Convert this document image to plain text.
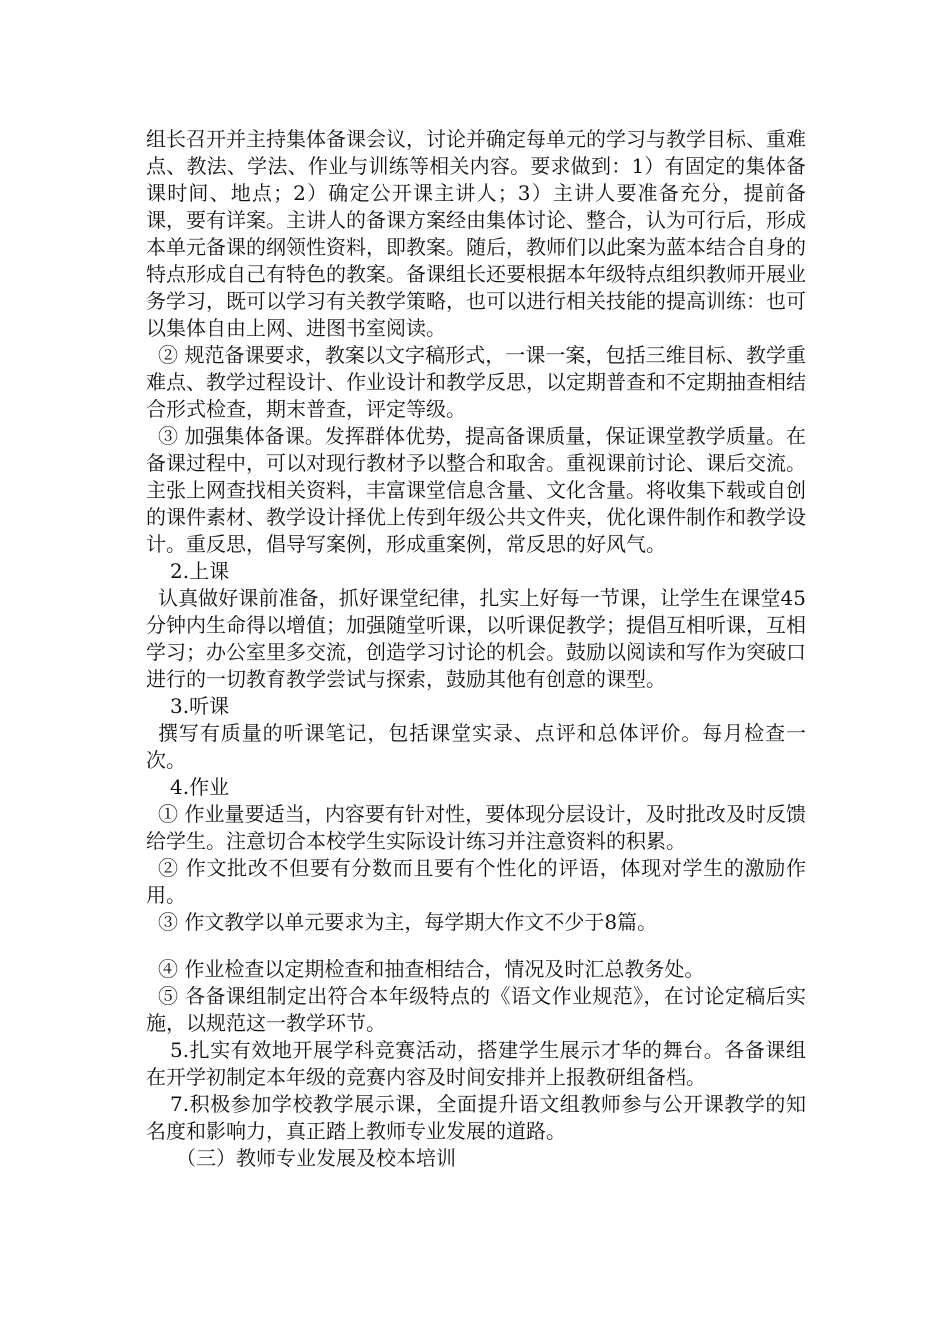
组长召开并主持集体备课会议，讨论并确定每单元的学习与教学目标、重难点、教法、学法、作业与训练等相关内容。要求做到：1）有固定的集体备课时间、地点；2）确定公开课主讲人；3）主讲人要准备充分，提前备课，要有详案。主讲人的备课方案经由集体讨论、整合，认为可行后，形成本单元备课的纲领性资料，即教案。随后，教师们以此案为蓝本结合自身的特点形成自己有特色的教案。备课组长还要根据本年级特点组织教师开展业务学习，既可以学习有关教学策略，也可以进行相关技能的提高训练：也可以集体自由上网、进图书室阅读。

② 规范备课要求，教案以文字稿形式，一课一案，包括三维目标、教学重难点、教学过程设计、作业设计和教学反思，以定期普查和不定期抽查相结合形式检查，期末普查，评定等级。

③ 加强集体备课。发挥群体优势，提高备课质量，保证课堂教学质量。在备课过程中，可以对现行教材予以整合和取舍。重视课前讨论、课后交流。主张上网查找相关资料，丰富课堂信息含量、文化含量。将收集下载或自创的课件素材、教学设计择优上传到年级公共文件夹，优化课件制作和教学设计。重反思，倡导写案例，形成重案例，常反思的好风气。

2.上课

认真做好课前准备，抓好课堂纪律，扎实上好每一节课，让学生在课堂45分钟内生命得以增值；加强随堂听课，以听课促教学；提倡互相听课，互相学习；办公室里多交流，创造学习讨论的机会。鼓励以阅读和写作为突破口进行的一切教育教学尝试与探索，鼓励其他有创意的课型。

3.听课

撰写有质量的听课笔记，包括课堂实录、点评和总体评价。每月检查一次。

4.作业

① 作业量要适当，内容要有针对性，要体现分层设计，及时批改及时反馈给学生。注意切合本校学生实际设计练习并注意资料的积累。

② 作文批改不但要有分数而且要有个性化的评语，体现对学生的激励作用。

③ 作文教学以单元要求为主，每学期大作文不少于8篇。

④ 作业检查以定期检查和抽查相结合，情况及时汇总教务处。

⑤ 各备课组制定出符合本年级特点的《语文作业规范》，在讨论定稿后实施，以规范这一教学环节。

5.扎实有效地开展学科竞赛活动，搭建学生展示才华的舞台。各备课组在开学初制定本年级的竞赛内容及时间安排并上报教研组备档。

7.积极参加学校教学展示课，全面提升语文组教师参与公开课教学的知名度和影响力，真正踏上教师专业发展的道路。

（三）教师专业发展及校本培训
